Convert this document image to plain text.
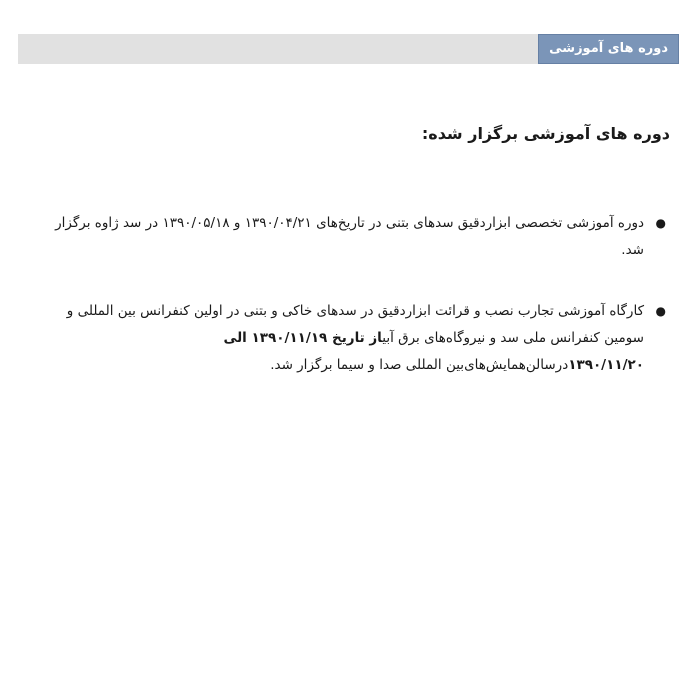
دوره های آموزشی
دوره های آموزشی برگزار شده:
●
دوره آموزشی تخصصی ابزاردقیق سدهای بتنی در تاریخ‌های ۱۳۹۰/۰۴/۲۱ و ۱۳۹۰/۰۵/۱۸ در سد ژاوه برگزار شد.
●
کارگاه آموزشی تجارب نصب و قرائت ابزاردقیق در سدهای خاکی و بتنی در اولین کنفرانس بین المللی و سومین کنفرانس ملی سد و نیروگاه‌های برق آبیاز تاریخ ۱۳۹۰/۱۱/۱۹ الی ۱۳۹۰/۱۱/۲۰درسالن‌همایش‌های‌بین المللی صدا و سیما برگزار شد.
